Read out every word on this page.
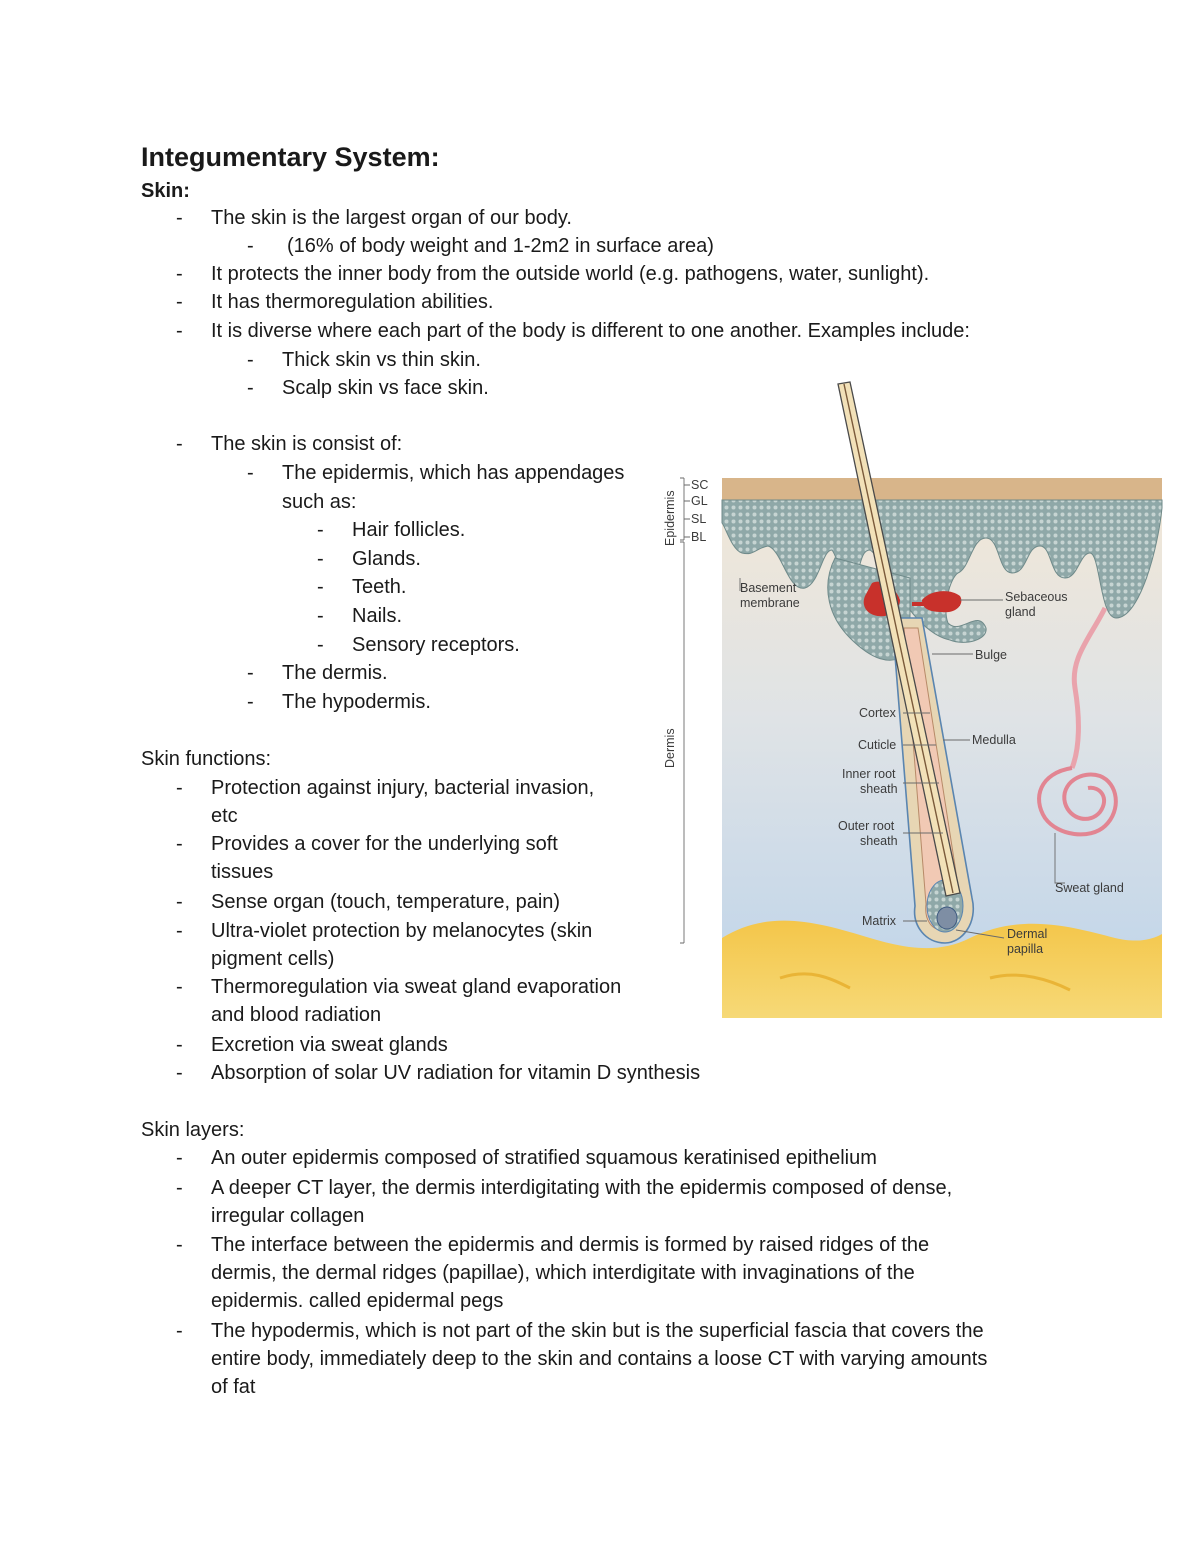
Integumentary System:
Skin:
- The skin is the largest organ of our body.
- (16% of body weight and 1-2m2 in surface area)
- It protects the inner body from the outside world (e.g. pathogens, water, sunlight).
- It has thermoregulation abilities.
- It is diverse where each part of the body is different to one another. Examples include:
- Thick skin vs thin skin.
- Scalp skin vs face skin.
- The skin is consist of:
- The epidermis, which has appendages
such as:
- Hair follicles.
- Glands.
- Teeth.
- Nails.
- Sensory receptors.
- The dermis.
- The hypodermis.
Skin functions:
- Protection against injury, bacterial invasion,
etc
- Provides a cover for the underlying soft
tissues
- Sense organ (touch, temperature, pain)
- Ultra-violet protection by melanocytes (skin
pigment cells)
- Thermoregulation via sweat gland evaporation
and blood radiation
- Excretion via sweat glands
- Absorption of solar UV radiation for vitamin D synthesis
Skin layers:
- An outer epidermis composed of stratified squamous keratinised epithelium
- A deeper CT layer, the dermis interdigitating with the epidermis composed of dense,
irregular collagen
- The interface between the epidermis and dermis is formed by raised ridges of the
dermis, the dermal ridges (papillae), which interdigitate with invaginations of the
epidermis. called epidermal pegs
- The hypodermis, which is not part of the skin but is the superficial fascia that covers the
entire body, immediately deep to the skin and contains a loose CT with varying amounts
of fat
Epidermis
Dermis
SC
GL
SL
BL
Basement
membrane	Sebaceous
gland
Bulge
Cortex
Cuticle	Medulla
Inner root
sheath
Outer root
sheath
Sweat gland
Matrix
Dermal
papilla
